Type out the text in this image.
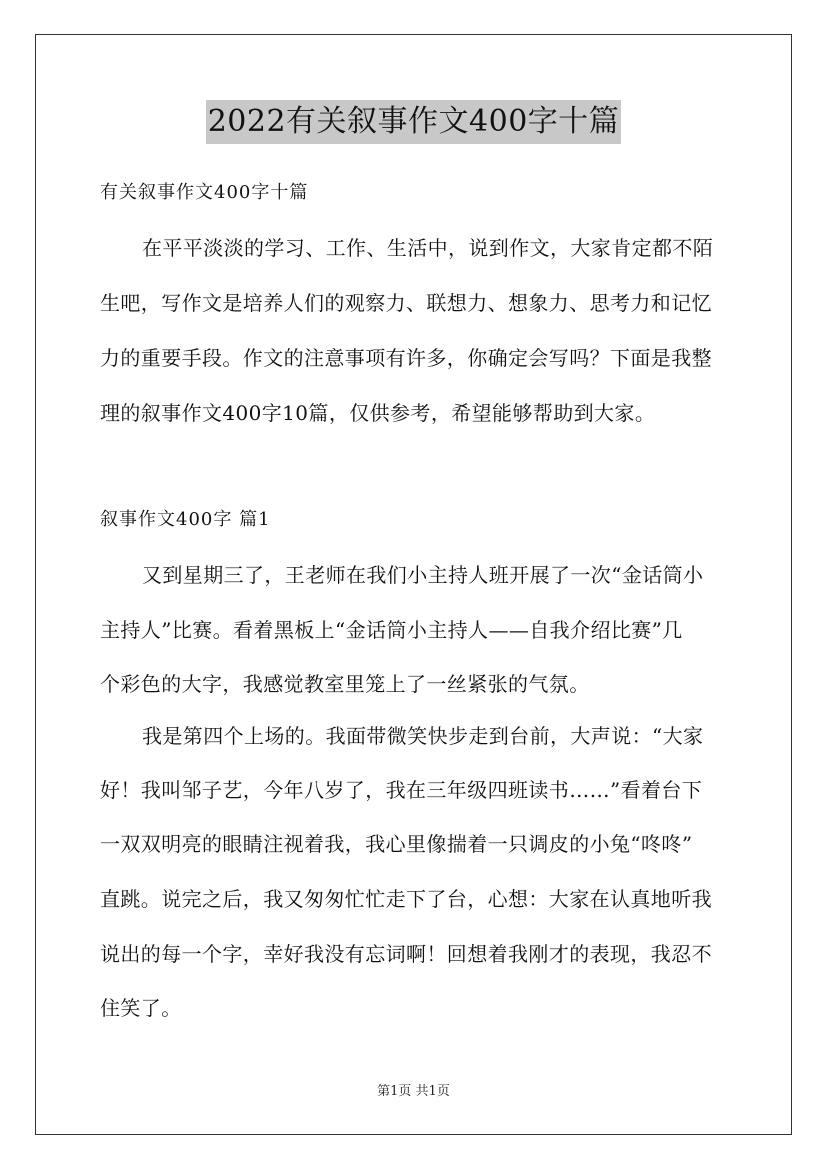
2022有关叙事作文400字十篇
有关叙事作文400字十篇
在平平淡淡的学习、工作、生活中，说到作文，大家肯定都不陌
生吧，写作文是培养人们的观察力、联想力、想象力、思考力和记忆
力的重要手段。作文的注意事项有许多，你确定会写吗？下面是我整
理的叙事作文400字10篇，仅供参考，希望能够帮助到大家。
叙事作文400字 篇1
又到星期三了，王老师在我们小主持人班开展了一次“金话筒小
主持人”比赛。看着黑板上“金话筒小主持人——自我介绍比赛”几
个彩色的大字，我感觉教室里笼上了一丝紧张的气氛。
我是第四个上场的。我面带微笑快步走到台前，大声说：“大家
好！我叫邹子艺，今年八岁了，我在三年级四班读书……”看着台下
一双双明亮的眼睛注视着我，我心里像揣着一只调皮的小兔“咚咚”
直跳。说完之后，我又匆匆忙忙走下了台，心想：大家在认真地听我
说出的每一个字，幸好我没有忘词啊！回想着我刚才的表现，我忍不
住笑了。
第1页 共1页
